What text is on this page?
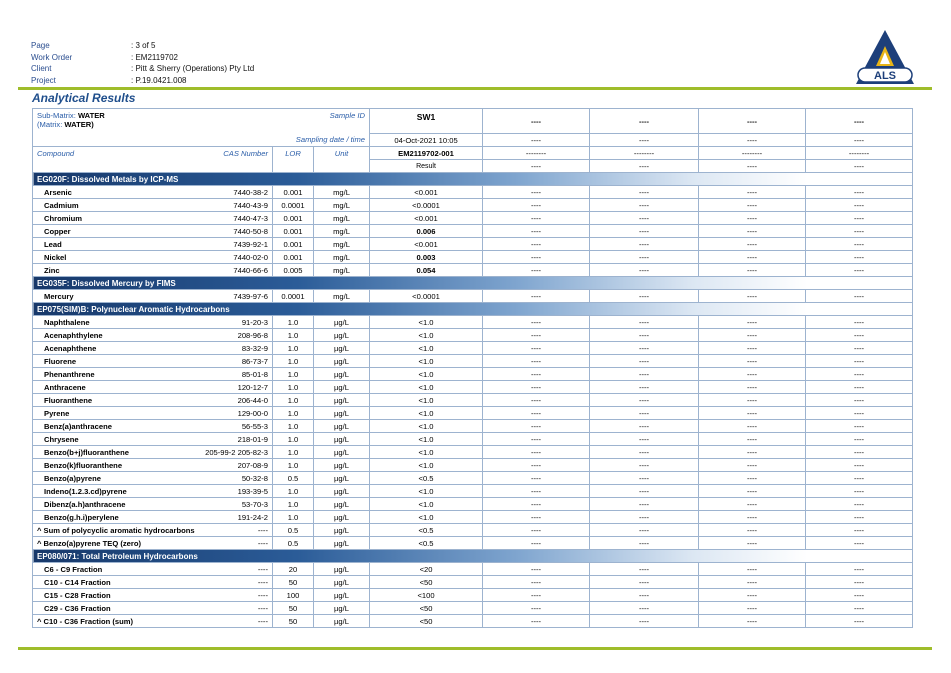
Page	: 3 of 5
Work Order	: EM2119702
Client	: Pitt & Sherry (Operations) Pty Ltd
Project	: P.19.0421.008	ALS
Analytical Results
Sub-Matrix: WATER
(Matrix: WATER)
Sample ID			SW1	----	----	----	----
Sampling date / time			04-Oct-2021 10:05	----	----	----	----
Compound CAS Number	LOR	Unit	EM2119702-001	--------	--------	--------	--------
			Result	----	----	----	----
EG020F: Dissolved Metals by ICP-MS							
Arsenic 7440-38-2	0.001	mg/L	<0.001	----	----	----	----
Cadmium 7440-43-9	0.0001	mg/L	<0.0001	----	----	----	----
Chromium 7440-47-3	0.001	mg/L	<0.001	----	----	----	----
Copper 7440-50-8	0.001	mg/L	0.006	----	----	----	----
Lead 7439-92-1	0.001	mg/L	<0.001	----	----	----	----
Nickel 7440-02-0	0.001	mg/L	0.003	----	----	----	----
Zinc 7440-66-6	0.005	mg/L	0.054	----	----	----	----
EG035F: Dissolved Mercury by FIMS							
Mercury 7439-97-6	0.0001	mg/L	<0.0001	----	----	----	----
EP075(SIM)B: Polynuclear Aromatic Hydrocarbons							
Naphthalene 91-20-3	1.0	µg/L	<1.0	----	----	----	----
Acenaphthylene 208-96-8	1.0	µg/L	<1.0	----	----	----	----
Acenaphthene 83-32-9	1.0	µg/L	<1.0	----	----	----	----
Fluorene 86-73-7	1.0	µg/L	<1.0	----	----	----	----
Phenanthrene 85-01-8	1.0	µg/L	<1.0	----	----	----	----
Anthracene 120-12-7	1.0	µg/L	<1.0	----	----	----	----
Fluoranthene 206-44-0	1.0	µg/L	<1.0	----	----	----	----
Pyrene 129-00-0	1.0	µg/L	<1.0	----	----	----	----
Benz(a)anthracene 56-55-3	1.0	µg/L	<1.0	----	----	----	----
Chrysene 218-01-9	1.0	µg/L	<1.0	----	----	----	----
Benzo(b+j)fluoranthene 205-99-2 205-82-3	1.0	µg/L	<1.0	----	----	----	----
Benzo(k)fluoranthene 207-08-9	1.0	µg/L	<1.0	----	----	----	----
Benzo(a)pyrene 50-32-8	0.5	µg/L	<0.5	----	----	----	----
Indeno(1.2.3.cd)pyrene 193-39-5	1.0	µg/L	<1.0	----	----	----	----
Dibenz(a.h)anthracene 53-70-3	1.0	µg/L	<1.0	----	----	----	----
Benzo(g.h.i)perylene 191-24-2	1.0	µg/L	<1.0	----	----	----	----
^ Sum of polycyclic aromatic hydrocarbons ----	0.5	µg/L	<0.5	----	----	----	----
^ Benzo(a)pyrene TEQ (zero) ----	0.5	µg/L	<0.5	----	----	----	----
EP080/071: Total Petroleum Hydrocarbons							
C6 - C9 Fraction ----	20	µg/L	<20	----	----	----	----
C10 - C14 Fraction ----	50	µg/L	<50	----	----	----	----
C15 - C28 Fraction ----	100	µg/L	<100	----	----	----	----
C29 - C36 Fraction ----	50	µg/L	<50	----	----	----	----
^ C10 - C36 Fraction (sum) ----	50	µg/L	<50	----	----	----	----
